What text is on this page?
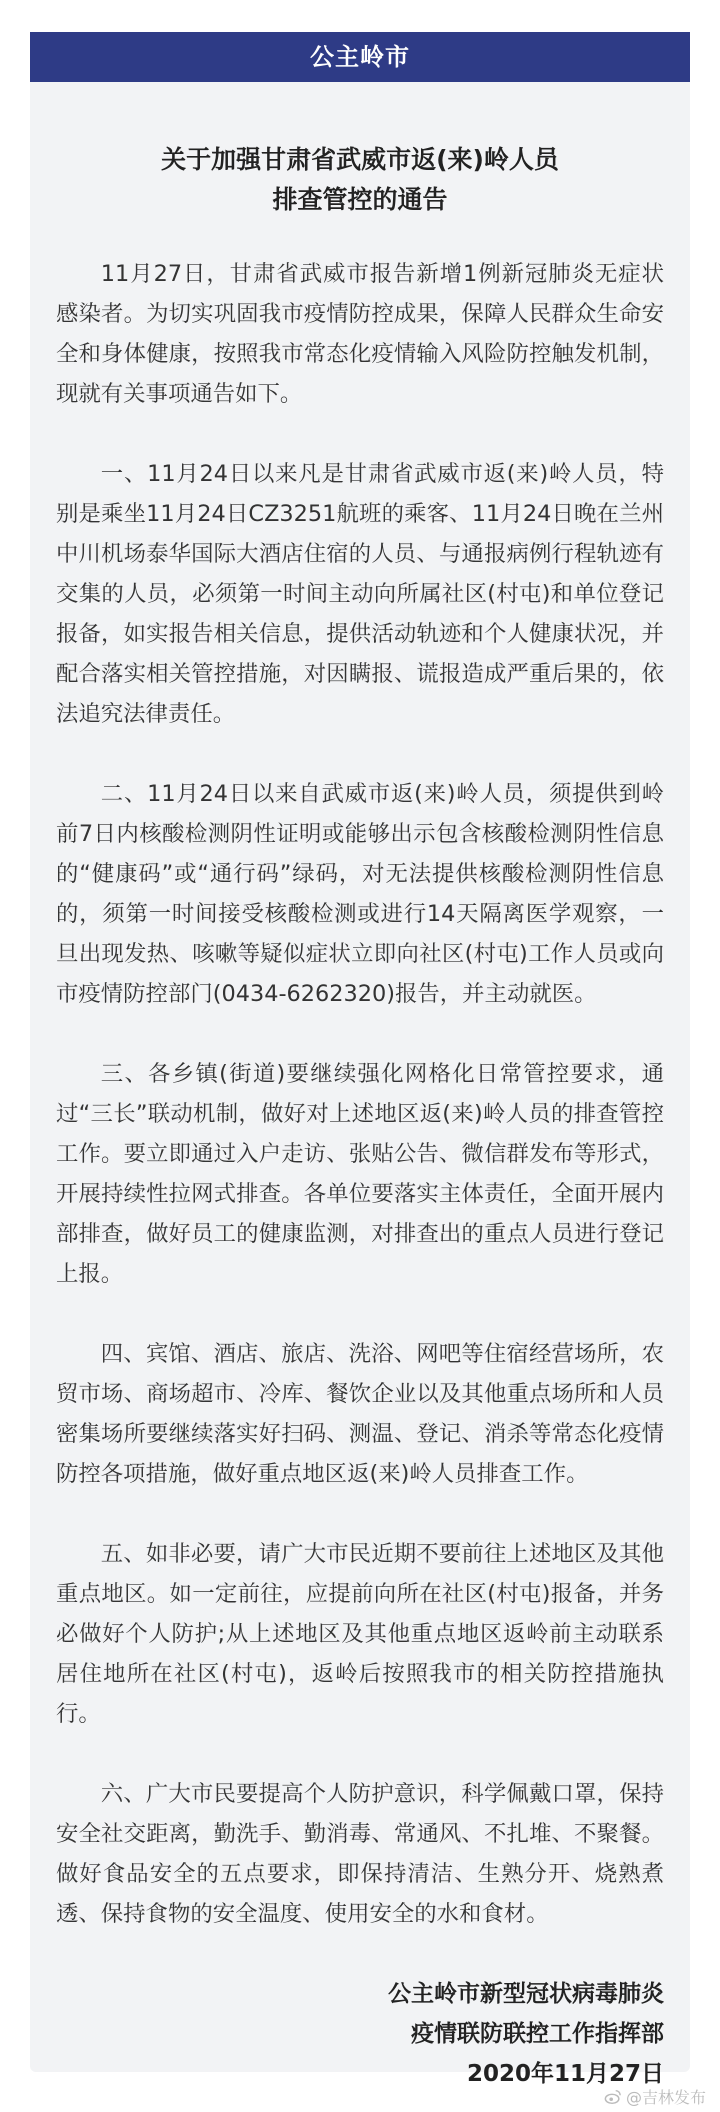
公主岭市
关于加强甘肃省武威市返(来)岭人员
排查管控的通告

11月27日，甘肃省武威市报告新增1例新冠肺炎无症状感染者。为切实巩固我市疫情防控成果，保障人民群众生命安全和身体健康，按照我市常态化疫情输入风险防控触发机制，现就有关事项通告如下。

一、11月24日以来凡是甘肃省武威市返(来)岭人员，特别是乘坐11月24日CZ3251航班的乘客、11月24日晚在兰州中川机场泰华国际大酒店住宿的人员、与通报病例行程轨迹有交集的人员，必须第一时间主动向所属社区(村屯)和单位登记报备，如实报告相关信息，提供活动轨迹和个人健康状况，并配合落实相关管控措施，对因瞒报、谎报造成严重后果的，依法追究法律责任。

二、11月24日以来自武威市返(来)岭人员，须提供到岭前7日内核酸检测阴性证明或能够出示包含核酸检测阴性信息的“健康码”或“通行码”绿码，对无法提供核酸检测阴性信息的，须第一时间接受核酸检测或进行14天隔离医学观察，一旦出现发热、咳嗽等疑似症状立即向社区(村屯)工作人员或向市疫情防控部门(0434-6262320)报告，并主动就医。

三、各乡镇(街道)要继续强化网格化日常管控要求，通过“三长”联动机制，做好对上述地区返(来)岭人员的排查管控工作。要立即通过入户走访、张贴公告、微信群发布等形式，开展持续性拉网式排查。各单位要落实主体责任，全面开展内部排查，做好员工的健康监测，对排查出的重点人员进行登记上报。

四、宾馆、酒店、旅店、洗浴、网吧等住宿经营场所，农贸市场、商场超市、冷库、餐饮企业以及其他重点场所和人员密集场所要继续落实好扫码、测温、登记、消杀等常态化疫情防控各项措施，做好重点地区返(来)岭人员排查工作。

五、如非必要，请广大市民近期不要前往上述地区及其他重点地区。如一定前往，应提前向所在社区(村屯)报备，并务必做好个人防护;从上述地区及其他重点地区返岭前主动联系居住地所在社区(村屯)，返岭后按照我市的相关防控措施执行。

六、广大市民要提高个人防护意识，科学佩戴口罩，保持安全社交距离，勤洗手、勤消毒、常通风、不扎堆、不聚餐。做好食品安全的五点要求，即保持清洁、生熟分开、烧熟煮透、保持食物的安全温度、使用安全的水和食材。

公主岭市新型冠状病毒肺炎
疫情联防联控工作指挥部
2020年11月27日
@吉林发布
